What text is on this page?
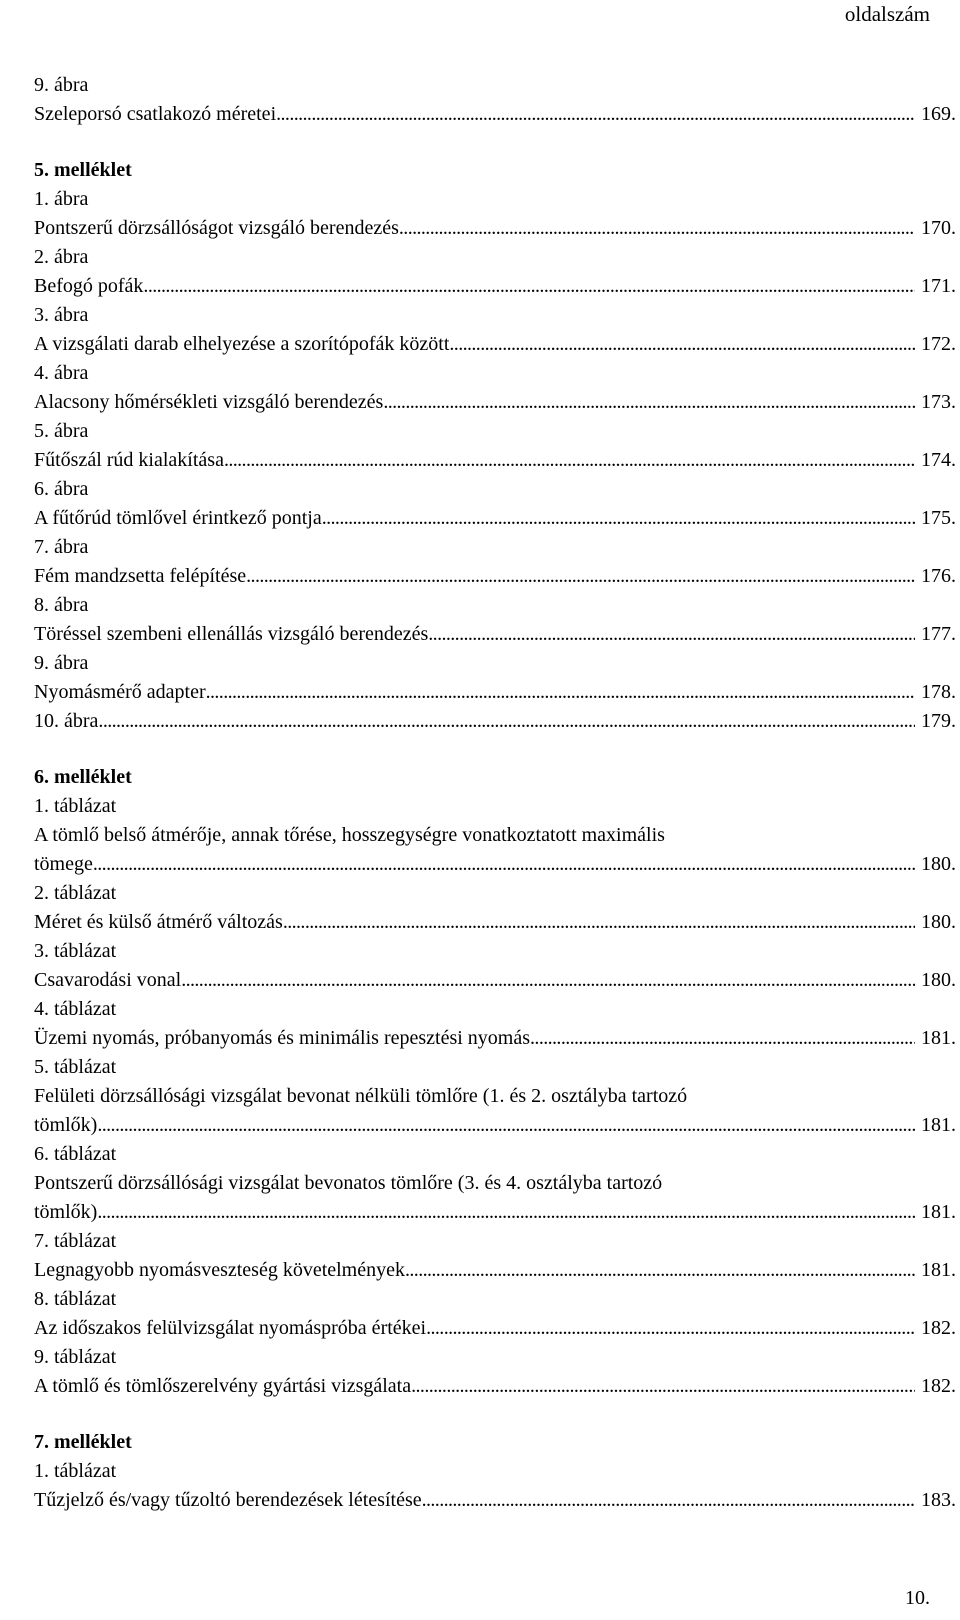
oldalszám
9. ábra
Szeleporsó csatlakozó méretei . . .	169.
5. melléklet
1. ábra
Pontszerű dörzsállóságot vizsgáló berendezés . . .	170.
2. ábra
Befogó pofák . . .	171.
3. ábra
A vizsgálati darab elhelyezése a szorítópofák között . . .	172.
4. ábra
Alacsony hőmérsékleti vizsgáló berendezés . . .	173.
5. ábra
Fűtőszál rúd kialakítása . . .	174.
6. ábra
A fűtőrúd tömlővel érintkező pontja . . .	175.
7. ábra
Fém mandzsetta felépítése . . .	176.
8. ábra
Töréssel szembeni ellenállás vizsgáló berendezés . . .	177.
9. ábra
Nyomásmérő adapter . . .	178.
10. ábra . . .	179.
6. melléklet
1. táblázat
A tömlő belső átmérője, annak tőrése, hosszegységre vonatkoztatott maximális
tömege . . .	180.
2. táblázat
Méret és külső átmérő változás . . .	180.
3. táblázat
Csavarodási vonal . . .	180.
4. táblázat
Üzemi nyomás, próbanyomás és minimális repesztési nyomás . . .	181.
5. táblázat
Felületi dörzsállósági vizsgálat bevonat nélküli tömlőre (1. és 2. osztályba tartozó
tömlők) . . .	181.
6. táblázat
Pontszerű dörzsállósági vizsgálat bevonatos tömlőre (3. és 4. osztályba tartozó
tömlők) . . .	181.
7. táblázat
Legnagyobb nyomásveszteség követelmények . . .	181.
8. táblázat
Az időszakos felülvizsgálat nyomáspróba értékei . . .	182.
9. táblázat
A tömlő és tömlőszerelvény gyártási vizsgálata . . .	182.
7. melléklet
1. táblázat
Tűzjelző és/vagy tűzoltó berendezések létesítése . . .	183.
10.
